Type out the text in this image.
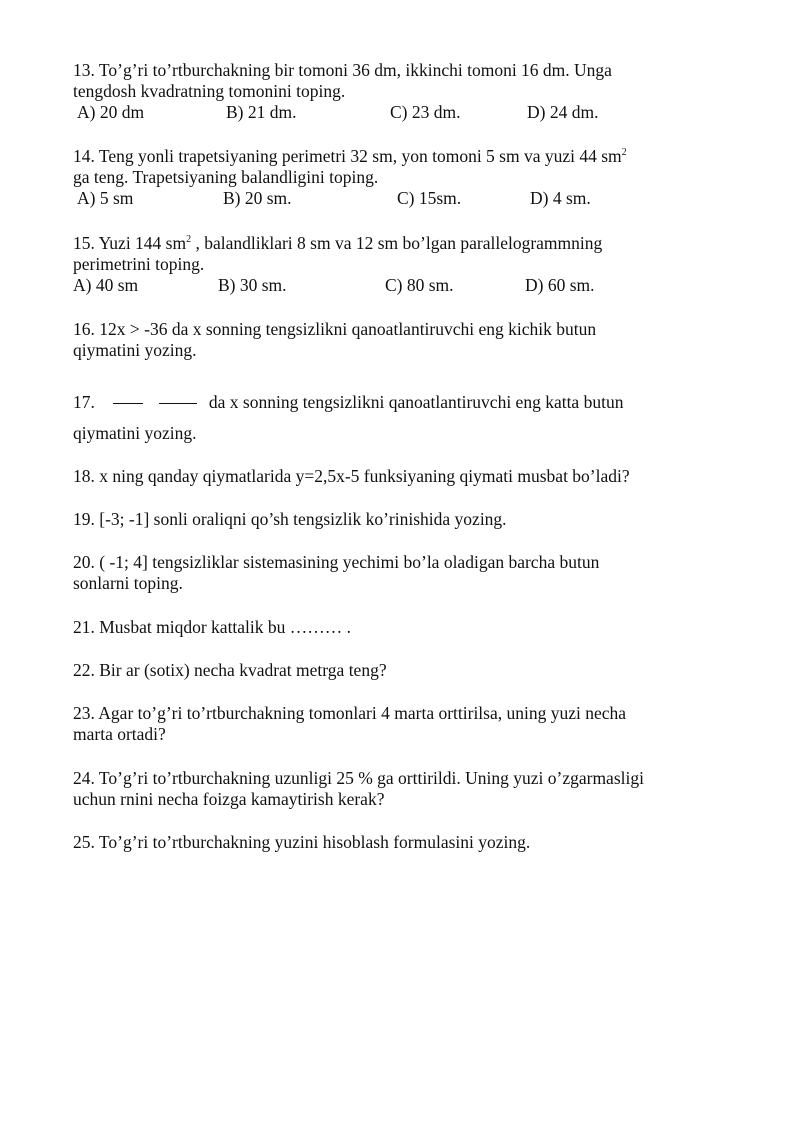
13. To’g’ri to’rtburchakning bir tomoni 36 dm, ikkinchi tomoni 16 dm. Unga
tengdosh kvadratning tomonini toping.
A) 20 dm	B) 21 dm.	C) 23 dm.	D) 24 dm.
14. Teng yonli trapetsiyaning perimetri 32 sm, yon tomoni 5 sm va yuzi 44 $sm^2$
ga teng. Trapetsiyaning balandligini toping.
A) 5 sm	B) 20 sm.	C) 15sm.	D) 4 sm.
15. Yuzi 144 $sm^2$ , balandliklari 8 sm va 12 sm bo’lgan parallelogrammning
perimetrini toping.
A) 40 sm	B) 30 sm.	C) 80 sm.	D) 60 sm.
16. 12x > -36 da x sonning tengsizlikni qanoatlantiruvchi eng kichik butun
qiymatini yozing.
17.	da x sonning tengsizlikni qanoatlantiruvchi eng katta butun
qiymatini yozing.
18. x ning qanday qiymatlarida y=2,5x-5 funksiyaning qiymati musbat bo’ladi?
19. [-3; -1] sonli oraliqni qo’sh tengsizlik ko’rinishida yozing.
20. ( -1; 4] tengsizliklar sistemasining yechimi bo’la oladigan barcha butun
sonlarni toping.
21. Musbat miqdor kattalik bu ……… .
22. Bir ar (sotix) necha kvadrat metrga teng?
23. Agar to’g’ri to’rtburchakning tomonlari 4 marta orttirilsa, uning yuzi necha
marta ortadi?
24. To’g’ri to’rtburchakning uzunligi 25 % ga orttirildi. Uning yuzi o’zgarmasligi
uchun rnini necha foizga kamaytirish kerak?
25. To’g’ri to’rtburchakning yuzini hisoblash formulasini yozing.
